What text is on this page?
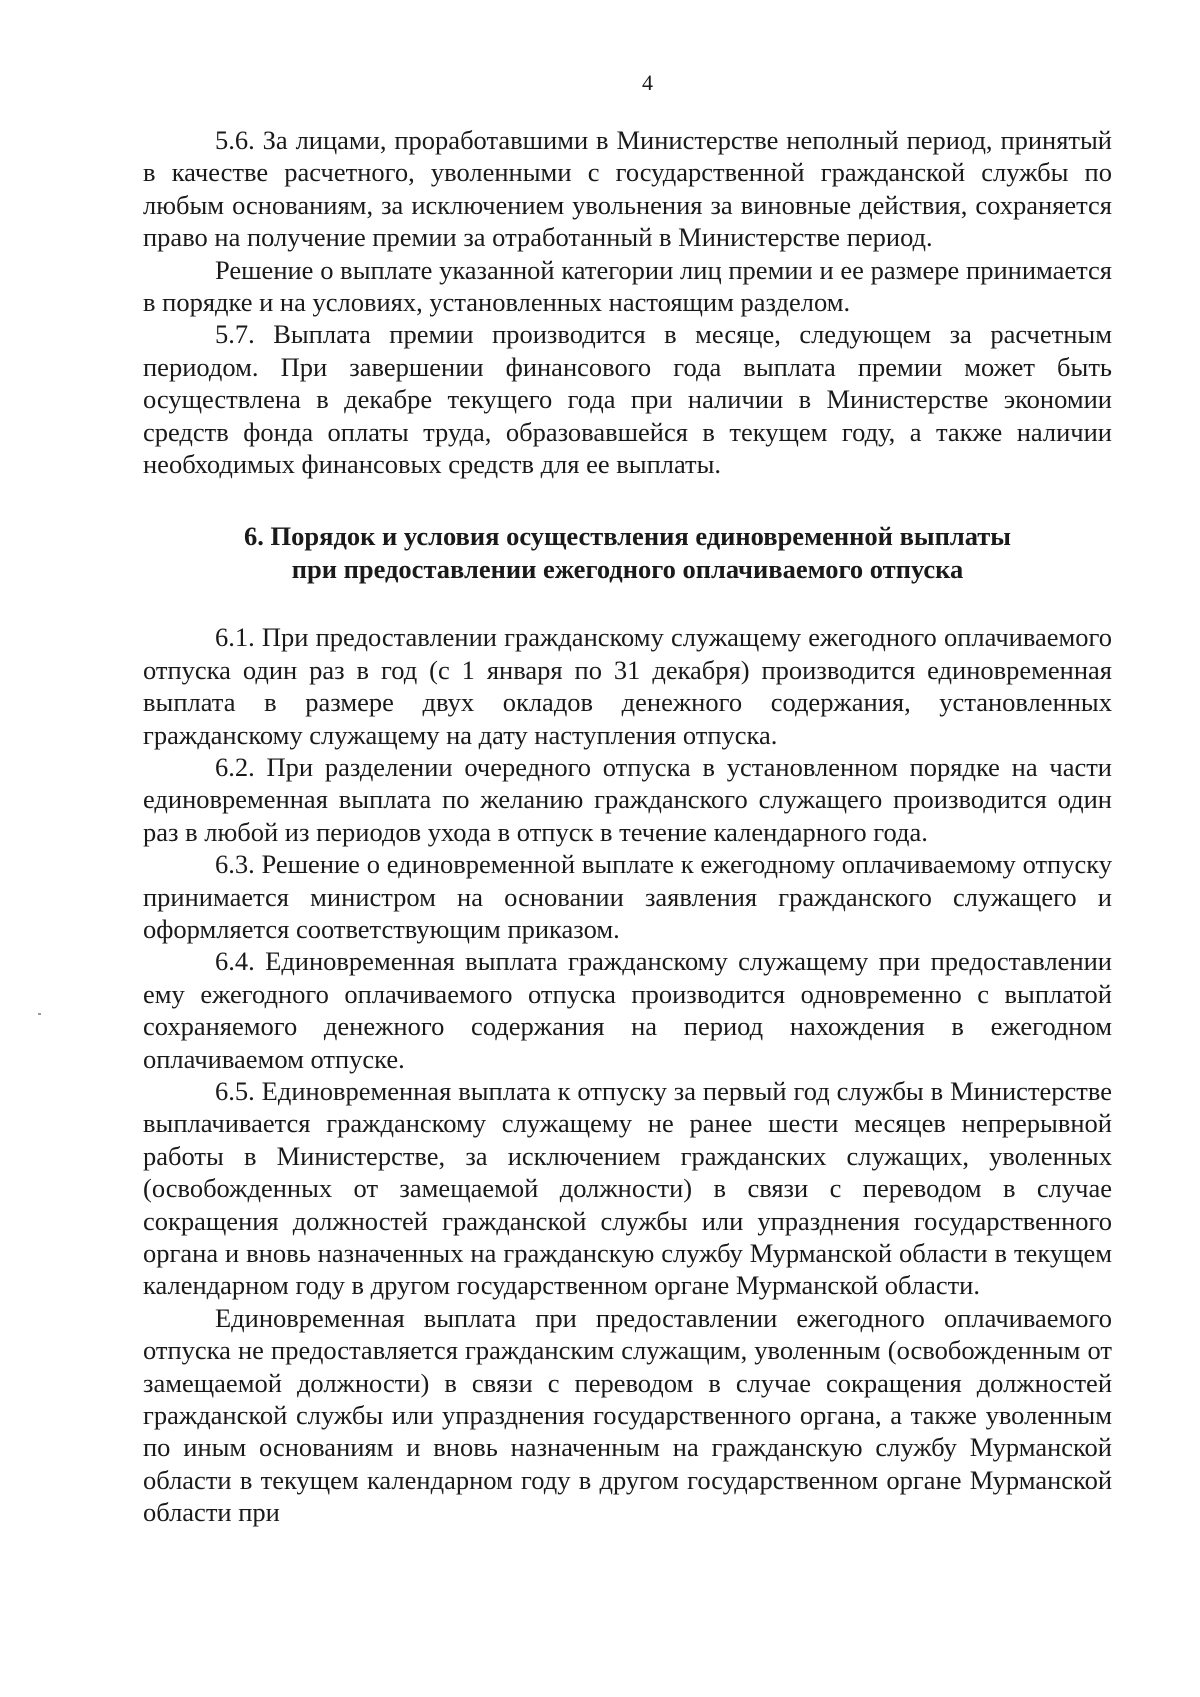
4

5.6. За лицами, проработавшими в Министерстве неполный период, принятый в качестве расчетного, уволенными с государственной гражданской службы по любым основаниям, за исключением увольнения за виновные действия, сохраняется право на получение премии за отработанный в Министерстве период.

Решение о выплате указанной категории лиц премии и ее размере принимается в порядке и на условиях, установленных настоящим разделом.

5.7. Выплата премии производится в месяце, следующем за расчетным периодом. При завершении финансового года выплата премии может быть осуществлена в декабре текущего года при наличии в Министерстве экономии средств фонда оплаты труда, образовавшейся в текущем году, а также наличии необходимых финансовых средств для ее выплаты.

6. Порядок и условия осуществления единовременной выплаты
при предоставлении ежегодного оплачиваемого отпуска

6.1. При предоставлении гражданскому служащему ежегодного оплачиваемого отпуска один раз в год (с 1 января по 31 декабря) производится единовременная выплата в размере двух окладов денежного содержания, установленных гражданскому служащему на дату наступления отпуска.

6.2. При разделении очередного отпуска в установленном порядке на части единовременная выплата по желанию гражданского служащего производится один раз в любой из периодов ухода в отпуск в течение календарного года.

6.3. Решение о единовременной выплате к ежегодному оплачиваемому отпуску принимается министром на основании заявления гражданского служащего и оформляется соответствующим приказом.

6.4. Единовременная выплата гражданскому служащему при предоставлении ему ежегодного оплачиваемого отпуска производится одновременно с выплатой сохраняемого денежного содержания на период нахождения в ежегодном оплачиваемом отпуске.

6.5. Единовременная выплата к отпуску за первый год службы в Министерстве выплачивается гражданскому служащему не ранее шести месяцев непрерывной работы в Министерстве, за исключением гражданских служащих, уволенных (освобожденных от замещаемой должности) в связи с переводом в случае сокращения должностей гражданской службы или упразднения государственного органа и вновь назначенных на гражданскую службу Мурманской области в текущем календарном году в другом государственном органе Мурманской области.

Единовременная выплата при предоставлении ежегодного оплачиваемого отпуска не предоставляется гражданским служащим, уволенным (освобожденным от замещаемой должности) в связи с переводом в случае сокращения должностей гражданской службы или упразднения государственного органа, а также уволенным по иным основаниям и вновь назначенным на гражданскую службу Мурманской области в текущем календарном году в другом государственном органе Мурманской области при
